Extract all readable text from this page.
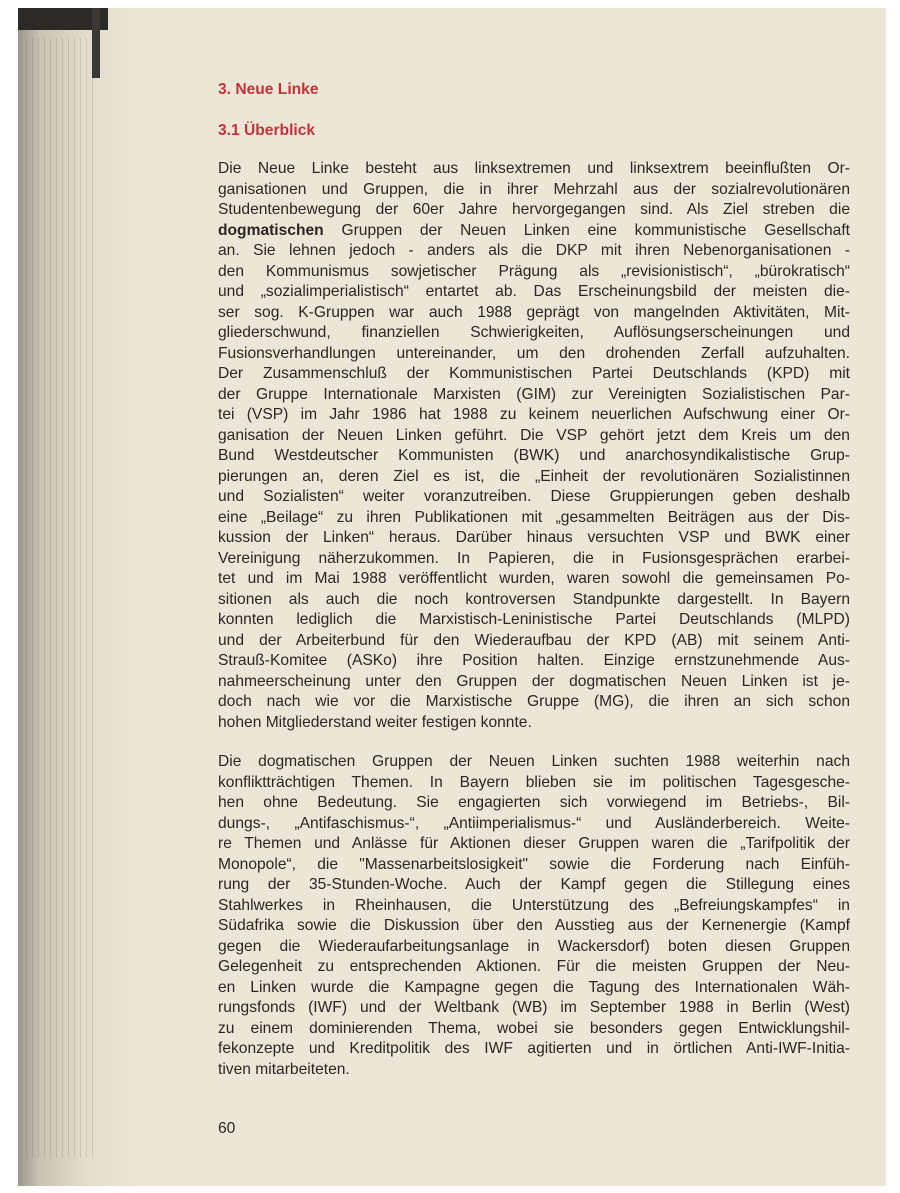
3. Neue Linke
3.1 Überblick
Die Neue Linke besteht aus linksextremen und linksextrem beeinflußten Or-
ganisationen und Gruppen, die in ihrer Mehrzahl aus der sozialrevolutionären
Studentenbewegung der 60er Jahre hervorgegangen sind. Als Ziel streben die
dogmatischen Gruppen der Neuen Linken eine kommunistische Gesellschaft
an. Sie lehnen jedoch - anders als die DKP mit ihren Nebenorganisationen -
den Kommunismus sowjetischer Prägung als „revisionistisch“, „bürokratisch“
und „sozialimperialistisch“ entartet ab. Das Erscheinungsbild der meisten die-
ser sog. K-Gruppen war auch 1988 geprägt von mangelnden Aktivitäten, Mit-
gliederschwund, finanziellen Schwierigkeiten, Auflösungserscheinungen und
Fusionsverhandlungen untereinander, um den drohenden Zerfall aufzuhalten.
Der Zusammenschluß der Kommunistischen Partei Deutschlands (KPD) mit
der Gruppe Internationale Marxisten (GIM) zur Vereinigten Sozialistischen Par-
tei (VSP) im Jahr 1986 hat 1988 zu keinem neuerlichen Aufschwung einer Or-
ganisation der Neuen Linken geführt. Die VSP gehört jetzt dem Kreis um den
Bund Westdeutscher Kommunisten (BWK) und anarchosyndikalistische Grup-
pierungen an, deren Ziel es ist, die „Einheit der revolutionären Sozialistinnen
und Sozialisten“ weiter voranzutreiben. Diese Gruppierungen geben deshalb
eine „Beilage“ zu ihren Publikationen mit „gesammelten Beiträgen aus der Dis-
kussion der Linken“ heraus. Darüber hinaus versuchten VSP und BWK einer
Vereinigung näherzukommen. In Papieren, die in Fusionsgesprächen erarbei-
tet und im Mai 1988 veröffentlicht wurden, waren sowohl die gemeinsamen Po-
sitionen als auch die noch kontroversen Standpunkte dargestellt. In Bayern
konnten lediglich die Marxistisch-Leninistische Partei Deutschlands (MLPD)
und der Arbeiterbund für den Wiederaufbau der KPD (AB) mit seinem Anti-
Strauß-Komitee (ASKo) ihre Position halten. Einzige ernstzunehmende Aus-
nahmeerscheinung unter den Gruppen der dogmatischen Neuen Linken ist je-
doch nach wie vor die Marxistische Gruppe (MG), die ihren an sich schon
hohen Mitgliederstand weiter festigen konnte.
Die dogmatischen Gruppen der Neuen Linken suchten 1988 weiterhin nach
konfliktträchtigen Themen. In Bayern blieben sie im politischen Tagesgesche-
hen ohne Bedeutung. Sie engagierten sich vorwiegend im Betriebs-, Bil-
dungs-, „Antifaschismus-“, „Antiimperialismus-“ und Ausländerbereich. Weite-
re Themen und Anlässe für Aktionen dieser Gruppen waren die „Tarifpolitik der
Monopole“, die "Massenarbeitslosigkeit" sowie die Forderung nach Einfüh-
rung der 35-Stunden-Woche. Auch der Kampf gegen die Stillegung eines
Stahlwerkes in Rheinhausen, die Unterstützung des „Befreiungskampfes“ in
Südafrika sowie die Diskussion über den Ausstieg aus der Kernenergie (Kampf
gegen die Wiederaufarbeitungsanlage in Wackersdorf) boten diesen Gruppen
Gelegenheit zu entsprechenden Aktionen. Für die meisten Gruppen der Neu-
en Linken wurde die Kampagne gegen die Tagung des Internationalen Wäh-
rungsfonds (IWF) und der Weltbank (WB) im September 1988 in Berlin (West)
zu einem dominierenden Thema, wobei sie besonders gegen Entwicklungshil-
fekonzepte und Kreditpolitik des IWF agitierten und in örtlichen Anti-IWF-Initia-
tiven mitarbeiteten.
60
